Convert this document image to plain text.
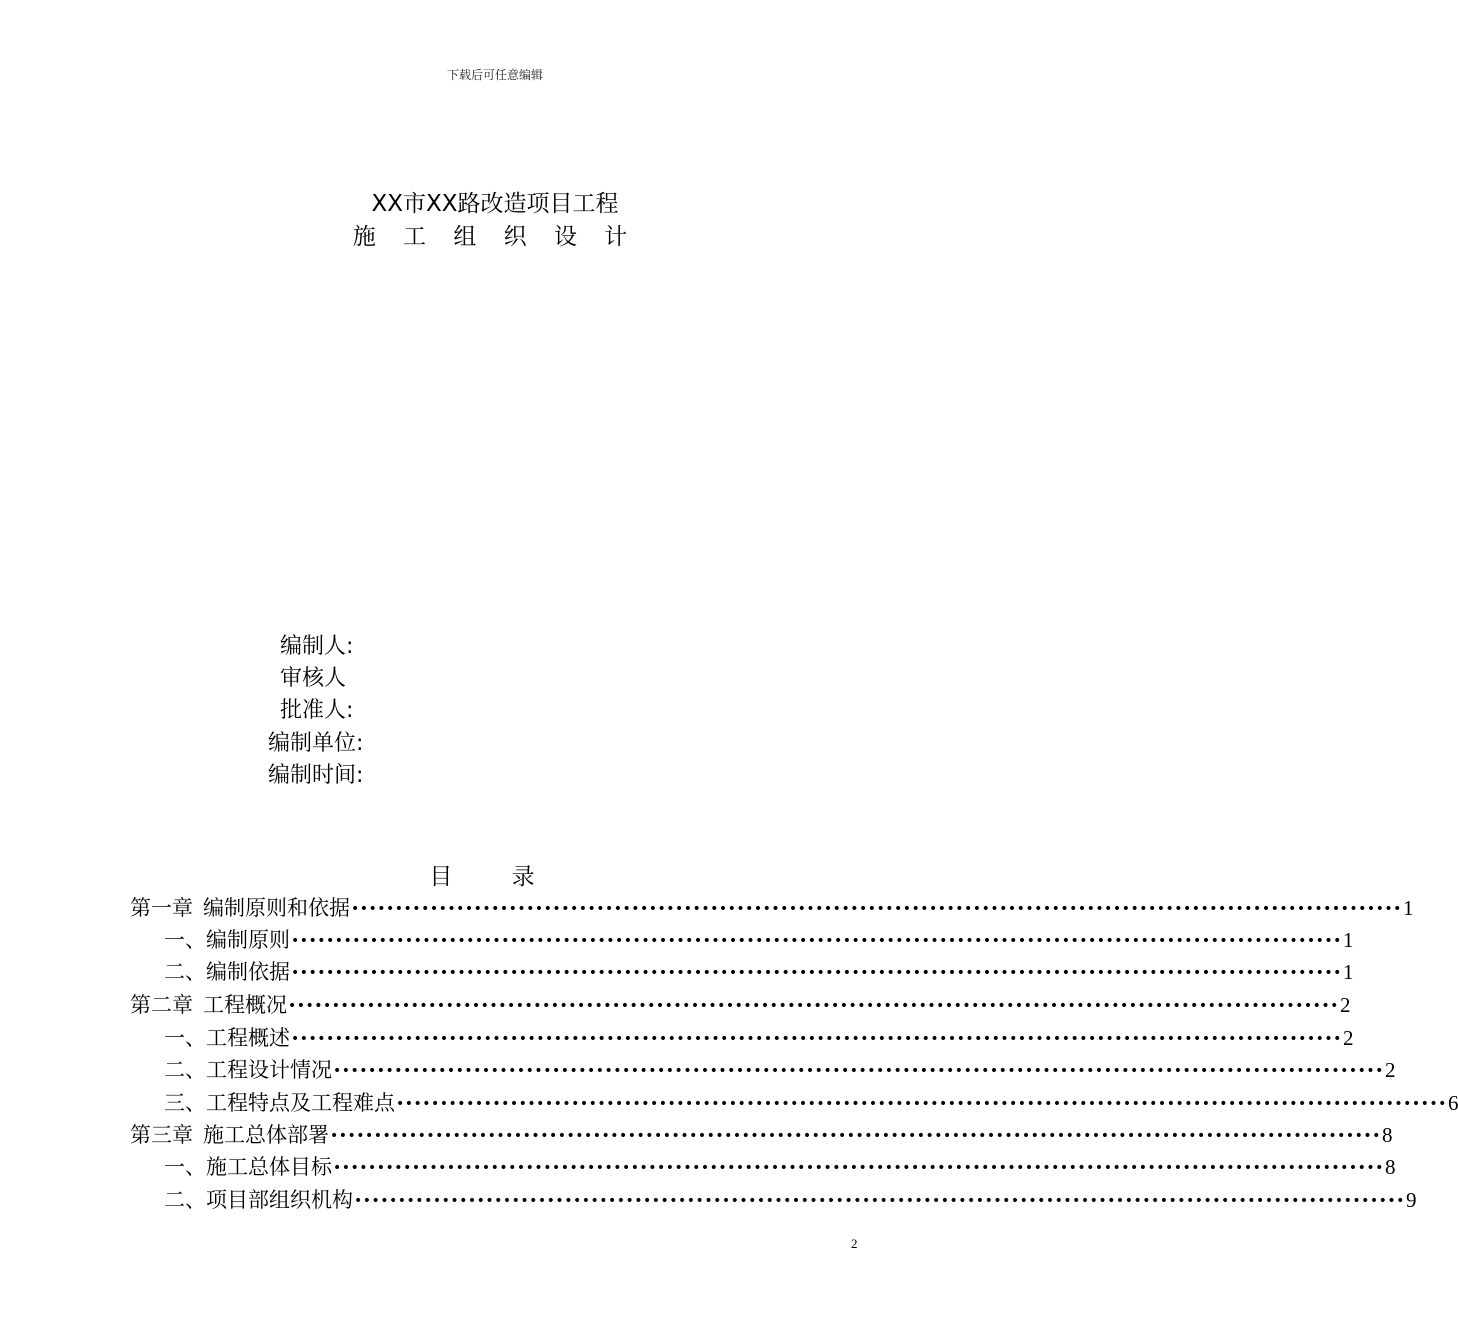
下载后可任意编辑
XX市XX路改造项目工程
施 工 组 织 设 计
编制人:
审核人
批准人:
编制单位:
编制时间:
目 录
第一章 编制原则和依据 •••••••••••••••••••••••••••••••••••••••••••••••••••••••••••••••••••••••••••••••••••••••••••••••••••••••••••••••••••••••• 1
一、 编制原则 •••••••••••••••••••••••••••••••••••••••••••••••••••••••••••••••••••••••••••••••••••••••••••••••••••••••••••••••••••••••• 1
二、 编制依据 •••••••••••••••••••••••••••••••••••••••••••••••••••••••••••••••••••••••••••••••••••••••••••••••••••••••••••••••••••••••• 1
第二章 工程概况 •••••••••••••••••••••••••••••••••••••••••••••••••••••••••••••••••••••••••••••••••••••••••••••••••••••••••••••••••••••••• 2
一、 工程概述 •••••••••••••••••••••••••••••••••••••••••••••••••••••••••••••••••••••••••••••••••••••••••••••••••••••••••••••••••••••••• 2
二、 工程设计情况 •••••••••••••••••••••••••••••••••••••••••••••••••••••••••••••••••••••••••••••••••••••••••••••••••••••••••••••••••••••••• 2
三、 工程特点及工程难点 •••••••••••••••••••••••••••••••••••••••••••••••••••••••••••••••••••••••••••••••••••••••••••••••••••••••••••••••••••••••• 6
第三章 施工总体部署 •••••••••••••••••••••••••••••••••••••••••••••••••••••••••••••••••••••••••••••••••••••••••••••••••••••••••••••••••••••••• 8
一、 施工总体目标 •••••••••••••••••••••••••••••••••••••••••••••••••••••••••••••••••••••••••••••••••••••••••••••••••••••••••••••••••••••••• 8
二、 项目部组织机构 •••••••••••••••••••••••••••••••••••••••••••••••••••••••••••••••••••••••••••••••••••••••••••••••••••••••••••••••••••••••• 9
2
